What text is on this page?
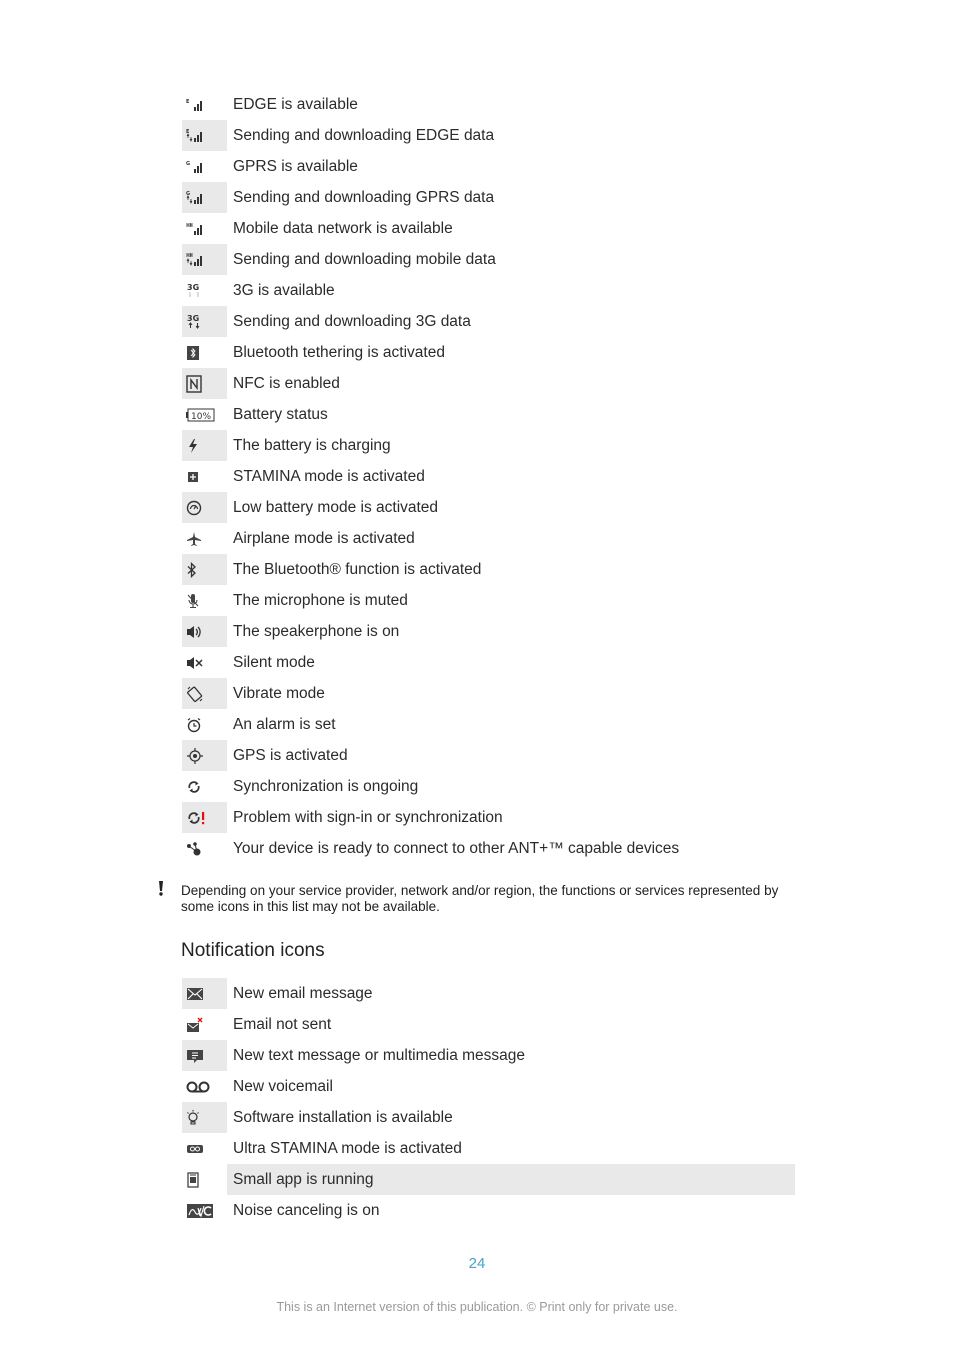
E	EDGE is available
E	Sending and downloading EDGE data
G	GPRS is available
G	Sending and downloading GPRS data
Mobile data network is available
Sending and downloading mobile data
3G	3G is available
3G	Sending and downloading 3G data
Bluetooth tethering is activated
NFC is enabled
10%	Battery status
The battery is charging
STAMINA mode is activated
Low battery mode is activated
Airplane mode is activated
The Bluetooth® function is activated
The microphone is muted
The speakerphone is on
Silent mode
Vibrate mode
An alarm is set
GPS is activated
Synchronization is ongoing
Problem with sign-in or synchronization
Your device is ready to connect to other ANT+™ capable devices
Depending on your service provider, network and/or region, the functions or services represented by some icons in this list may not be available.
Notification icons
New email message
Email not sent
New text message or multimedia message
New voicemail
Software installation is available
Ultra STAMINA mode is activated
Small app is running
Noise canceling is on
24
This is an Internet version of this publication. © Print only for private use.
